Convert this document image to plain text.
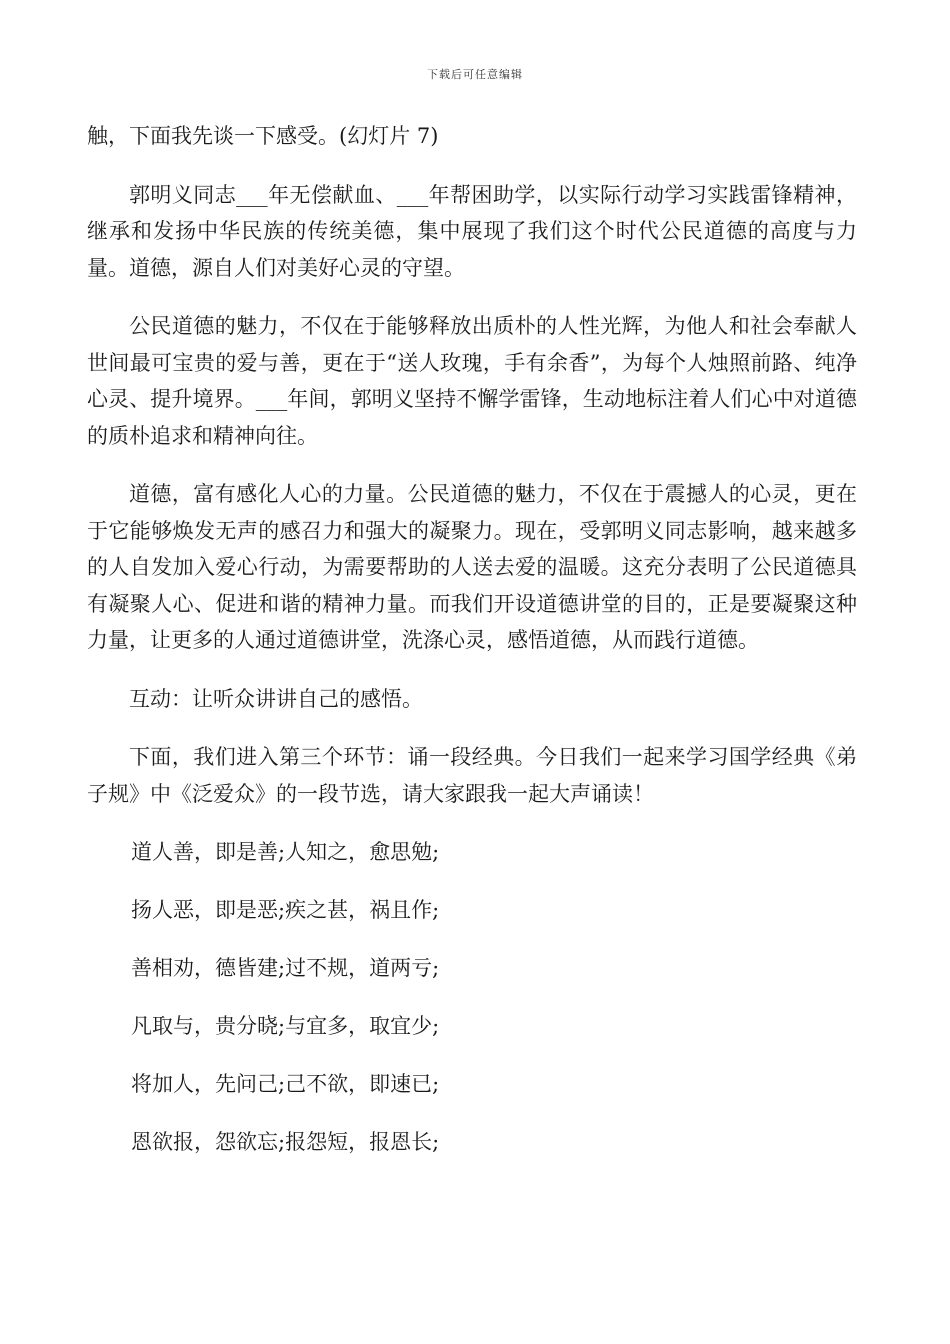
下载后可任意编辑

触，下面我先谈一下感受。(幻灯片 7)

郭明义同志___年无偿献血、___年帮困助学，以实际行动学习实践雷锋精神，继承和发扬中华民族的传统美德，集中展现了我们这个时代公民道德的高度与力量。道德，源自人们对美好心灵的守望。

公民道德的魅力，不仅在于能够释放出质朴的人性光辉，为他人和社会奉献人世间最可宝贵的爱与善，更在于“送人玫瑰，手有余香”，为每个人烛照前路、纯净心灵、提升境界。___年间，郭明义坚持不懈学雷锋，生动地标注着人们心中对道德的质朴追求和精神向往。

道德，富有感化人心的力量。公民道德的魅力，不仅在于震撼人的心灵，更在于它能够焕发无声的感召力和强大的凝聚力。现在，受郭明义同志影响，越来越多的人自发加入爱心行动，为需要帮助的人送去爱的温暖。这充分表明了公民道德具有凝聚人心、促进和谐的精神力量。而我们开设道德讲堂的目的，正是要凝聚这种力量，让更多的人通过道德讲堂，洗涤心灵，感悟道德，从而践行道德。

互动：让听众讲讲自己的感悟。

下面，我们进入第三个环节：诵一段经典。今日我们一起来学习国学经典《弟子规》中《泛爱众》的一段节选，请大家跟我一起大声诵读！

道人善，即是善;人知之，愈思勉;

扬人恶，即是恶;疾之甚，祸且作;

善相劝，德皆建;过不规，道两亏;

凡取与，贵分晓;与宜多，取宜少;

将加人，先问己;己不欲，即速已;

恩欲报，怨欲忘;报怨短，报恩长;
